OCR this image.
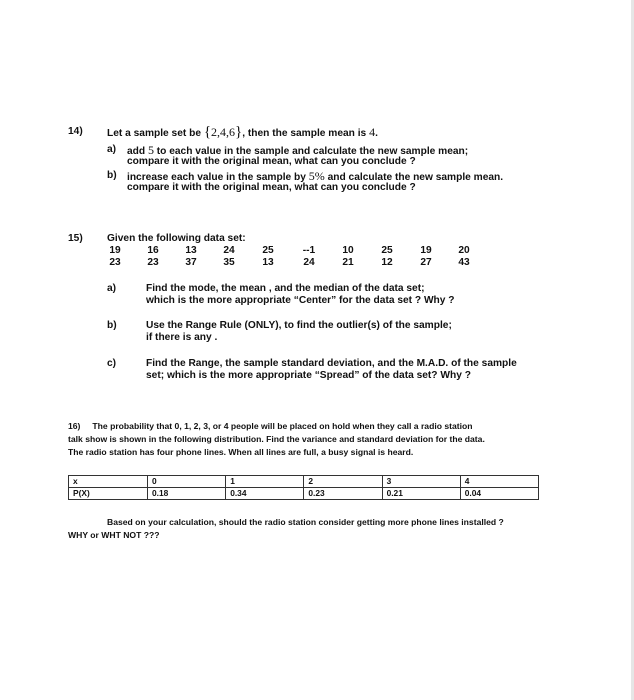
14) Let a sample set be {2,4,6}, then the sample mean is 4.
a) add 5 to each value in the sample and calculate the new sample mean;
compare it with the original mean, what can you conclude ?
b) increase each value in the sample by 5% and calculate the new sample mean.
compare it with the original mean, what can you conclude ?
15) Given the following data set:
19	16	13	24	25	--1	10	25	19	20
23	23	37	35	13	24	21	12	27	43
a)	Find the mode, the mean , and the median of the data set;
which is the more appropriate “Center” for the data set ? Why ?
b)	Use the Range Rule (ONLY), to find the outlier(s) of the sample;
if there is any .
c)	Find the Range, the sample standard deviation, and the M.A.D. of the sample
set; which is the more appropriate “Spread” of the data set? Why ?
16) The probability that 0, 1, 2, 3, or 4 people will be placed on hold when they call a radio station
talk show is shown in the following distribution. Find the variance and standard deviation for the data.
The radio station has four phone lines. When all lines are full, a busy signal is heard.
x	0	1	2	3	4
P(X)	0.18	0.34	0.23	0.21	0.04
Based on your calculation, should the radio station consider getting more phone lines installed ?
WHY or WHT NOT ???
